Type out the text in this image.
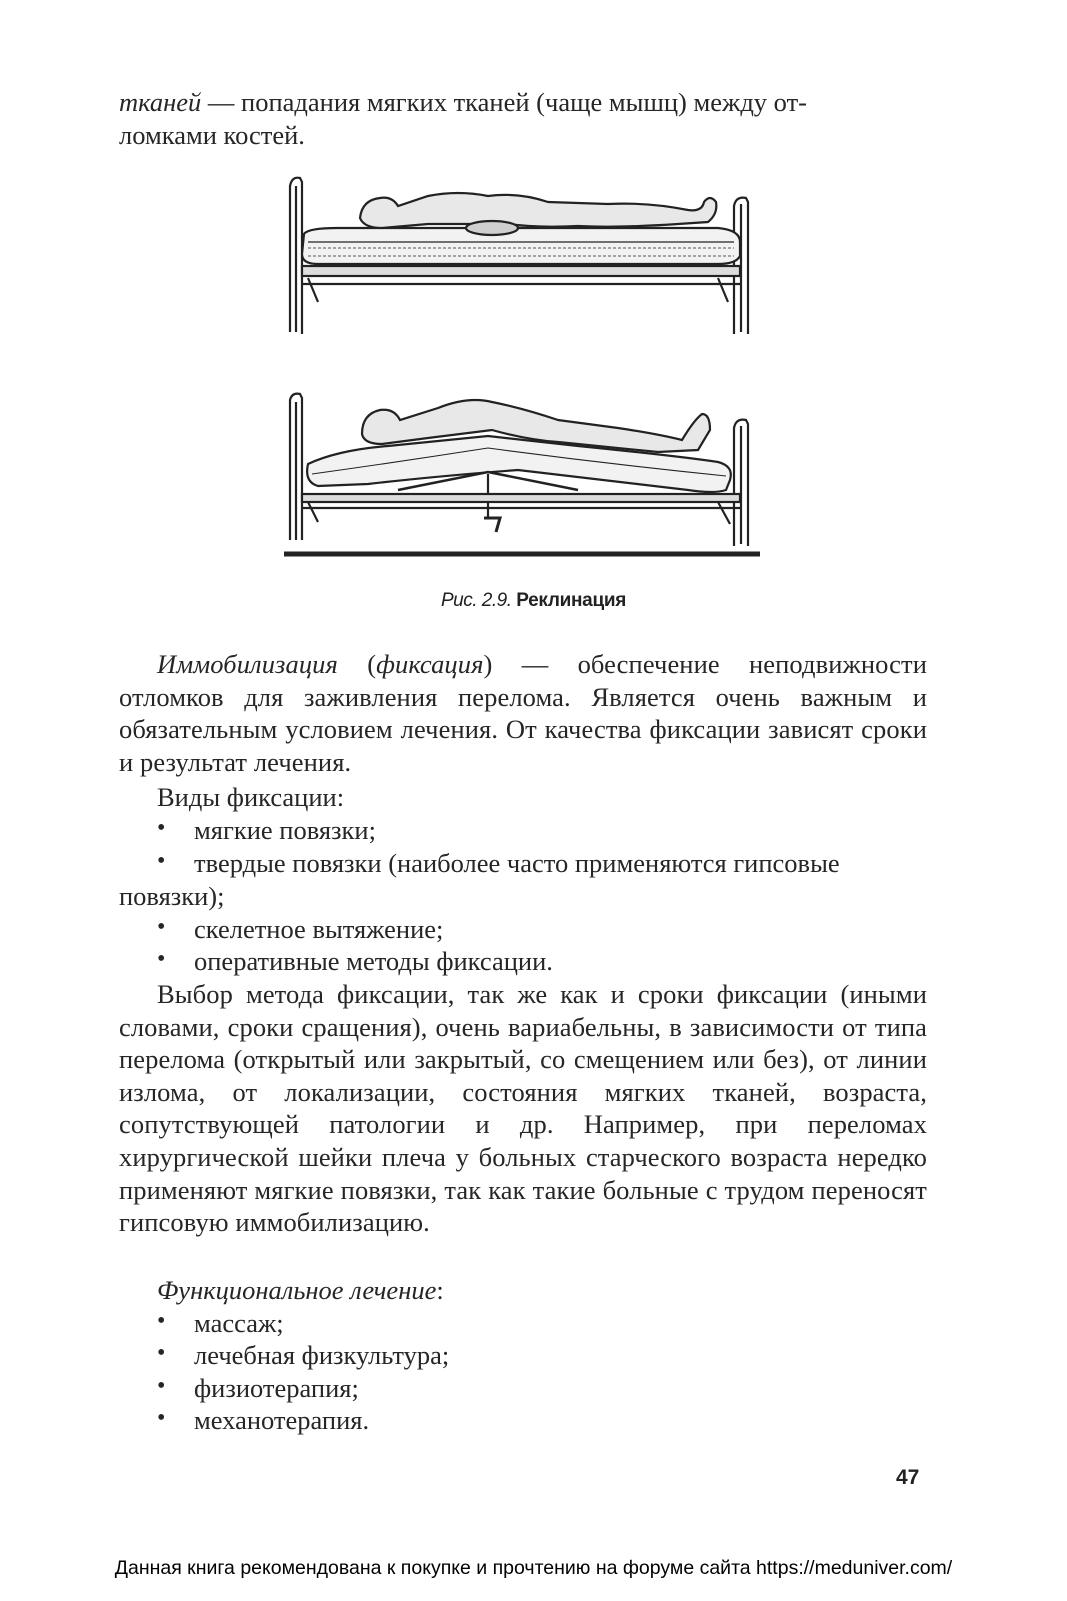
тканей — попадания мягких тканей (чаще мышц) между от-

ломками костей.

Рис. 2.9. Реклинация

Иммобилизация (фиксация) — обеспечение неподвижности отломков для заживления перелома. Является очень важным и обязательным условием лечения. От качества фиксации зависят сроки и результат лечения.

Виды фиксации:

• мягкие повязки;

• твердые повязки (наиболее часто применяются гипсовые

повязки);

• скелетное вытяжение;

• оперативные методы фиксации.

Выбор метода фиксации, так же как и сроки фиксации (иными словами, сроки сращения), очень вариабельны, в зависимости от типа перелома (открытый или закрытый, со смещением или без), от линии излома, от локализации, состояния мягких тканей, возраста, сопутствующей патологии и др. Например, при переломах хирургической шейки плеча у больных старческого возраста нередко применяют мягкие повязки, так как такие больные с трудом переносят гипсовую иммобилизацию.

Функциональное лечение:

• массаж;

• лечебная физкультура;

• физиотерапия;

• механотерапия.

47
Данная книга рекомендована к покупке и прочтению на форуме сайта https://meduniver.com/
